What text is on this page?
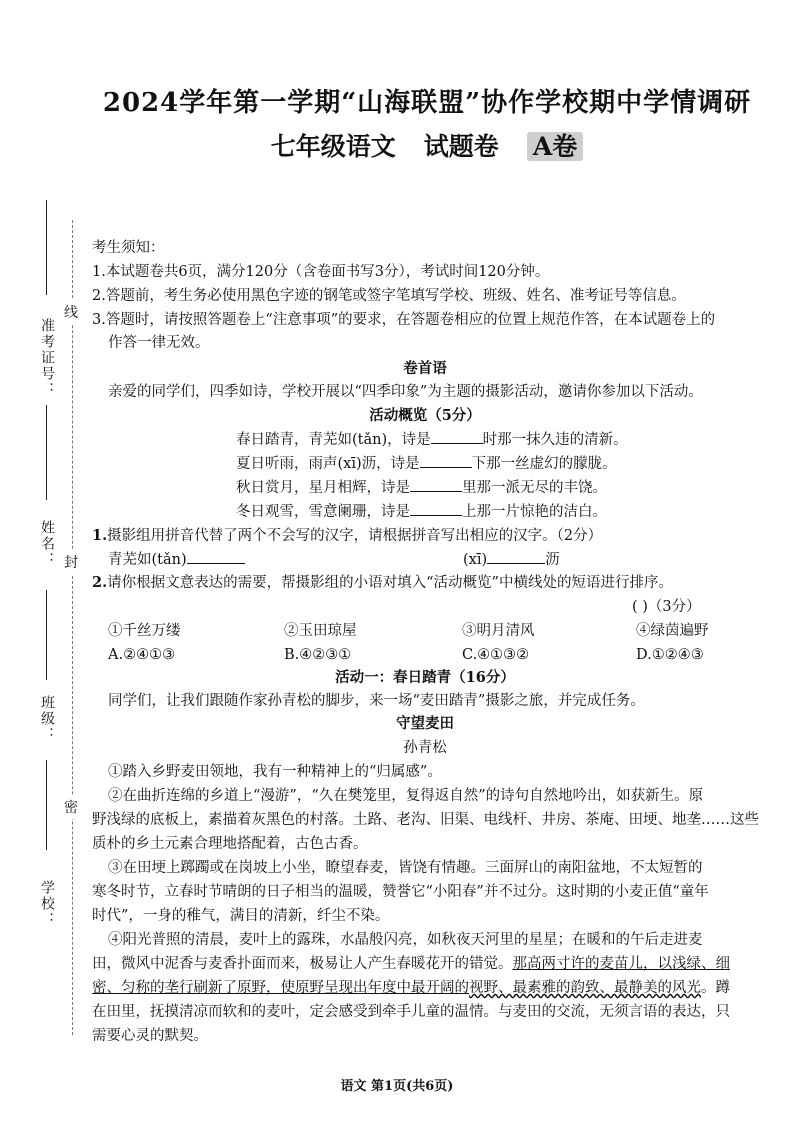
准考证号：
姓名：
班级：
学校：
线
封
密
2024学年第一学期“山海联盟”协作学校期中学情调研
七年级语文 试题卷 A卷
考生须知：
1.本试题卷共6页，满分120分（含卷面书写3分），考试时间120分钟。
2.答题前，考生务必使用黑色字迹的钢笔或签字笔填写学校、班级、姓名、准考证号等信息。
3.答题时，请按照答题卷上“注意事项”的要求，在答题卷相应的位置上规范作答，在本试题卷上的
作答一律无效。
卷首语
亲爱的同学们，四季如诗，学校开展以“四季印象”为主题的摄影活动，邀请你参加以下活动。
活动概览（5分）
春日踏青，青芜如(tǎn)，诗是	时那一抹久违的清新。
夏日听雨，雨声(xī)沥，诗是	下那一丝虚幻的朦胧。
秋日赏月，星月相辉，诗是	里那一派无尽的丰饶。
冬日观雪，雪意阑珊，诗是	上那一片惊艳的洁白。
1.摄影组用拼音代替了两个不会写的汉字，请根据拼音写出相应的汉字。（2分）
青芜如(tǎn)	(xī)	沥
2.请你根据文意表达的需要，帮摄影组的小语对填入“活动概览”中横线处的短语进行排序。
( )（3分）
①千丝万缕	②玉田琼屋	③明月清风	④绿茵遍野
A.②④①③	B.④②③①	C.④①③②	D.①②④③
活动一：春日踏青（16分）
同学们，让我们跟随作家孙青松的脚步，来一场“麦田踏青”摄影之旅，并完成任务。
守望麦田
孙青松
①踏入乡野麦田领地，我有一种精神上的“归属感”。
②在曲折连绵的乡道上“漫游”，“久在樊笼里，复得返自然”的诗句自然地吟出，如获新生。原
野浅绿的底板上，素描着灰黑色的村落。土路、老沟、旧渠、电线杆、井房、茶庵、田埂、地垄……这些
质朴的乡土元素合理地搭配着，古色古香。
③在田埂上踯躅或在岗坡上小坐，瞭望春麦，皆饶有情趣。三面屏山的南阳盆地，不太短暂的
寒冬时节，立春时节晴朗的日子相当的温暖，赞誉它“小阳春”并不过分。这时期的小麦正值“童年
时代”，一身的稚气，满目的清新，纤尘不染。
④阳光普照的清晨，麦叶上的露珠，水晶般闪亮，如秋夜天河里的星星；在暖和的午后走进麦
田，微风中泥香与麦香扑面而来，极易让人产生春暖花开的错觉。那高两寸许的麦苗儿，以浅绿、细
密、匀称的垄行刷新了原野，使原野呈现出年度中最开阔的视野、最素雅的韵致、最静美的风光。蹲
在田里，抚摸清凉而软和的麦叶，定会感受到牵手儿童的温情。与麦田的交流，无须言语的表达，只
需要心灵的默契。
语文 第1页(共6页)
